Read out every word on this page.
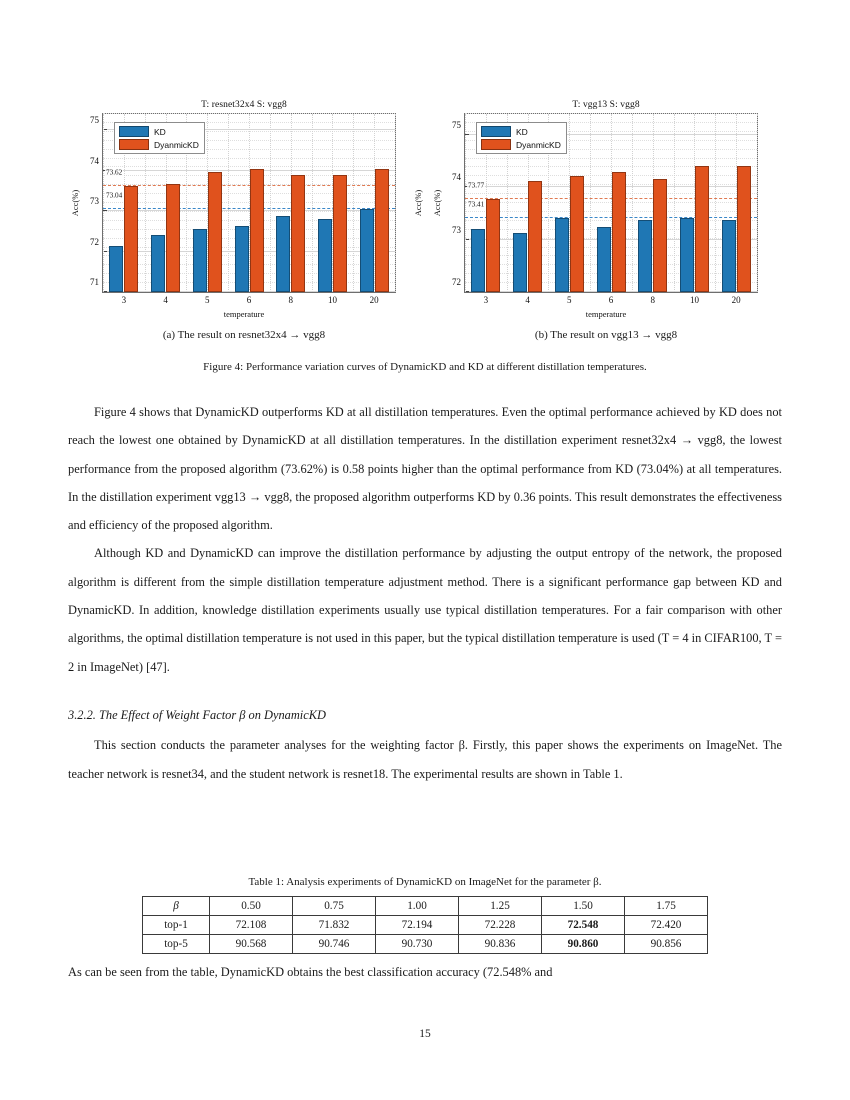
T: resnet32x4 S: vgg8
Acc(%)	Acc(%)
KD
DyanmicKD
71
72
73
74
75
73.62
73.04
3	4	5	6	8	10	20
temperature
T: vgg13 S: vgg8
Acc(%)
KD
DyanmicKD
72
73
74
75
73.77
73.41
3	4	5	6	8	10	20
temperature
(a) The result on resnet32x4 → vgg8	(b) The result on vgg13 → vgg8
Figure 4: Performance variation curves of DynamicKD and KD at different distillation temperatures.

Figure 4 shows that DynamicKD outperforms KD at all distillation temperatures. Even the optimal performance achieved by KD does not reach the lowest one obtained by DynamicKD at all distillation temperatures. In the distillation experiment resnet32x4 → vgg8, the lowest performance from the proposed algorithm (73.62%) is 0.58 points higher than the optimal performance from KD (73.04%) at all temperatures. In the distillation experiment vgg13 → vgg8, the proposed algorithm outperforms KD by 0.36 points. This result demonstrates the effectiveness and efficiency of the proposed algorithm.

Although KD and DynamicKD can improve the distillation performance by adjusting the output entropy of the network, the proposed algorithm is different from the simple distillation temperature adjustment method. There is a significant performance gap between KD and DynamicKD. In addition, knowledge distillation experiments usually use typical distillation temperatures. For a fair comparison with other algorithms, the optimal distillation temperature is not used in this paper, but the typical distillation temperature is used (T = 4 in CIFAR100, T = 2 in ImageNet) [47].

3.2.2. The Effect of Weight Factor β on DynamicKD

This section conducts the parameter analyses for the weighting factor β. Firstly, this paper shows the experiments on ImageNet. The teacher network is resnet34, and the student network is resnet18. The experimental results are shown in Table 1.

Table 1: Analysis experiments of DynamicKD on ImageNet for the parameter β.
β	0.50	0.75	1.00	1.25	1.50	1.75
top-1	72.108	71.832	72.194	72.228	72.548	72.420
top-5	90.568	90.746	90.730	90.836	90.860	90.856
As can be seen from the table, DynamicKD obtains the best classification accuracy (72.548% and
15
